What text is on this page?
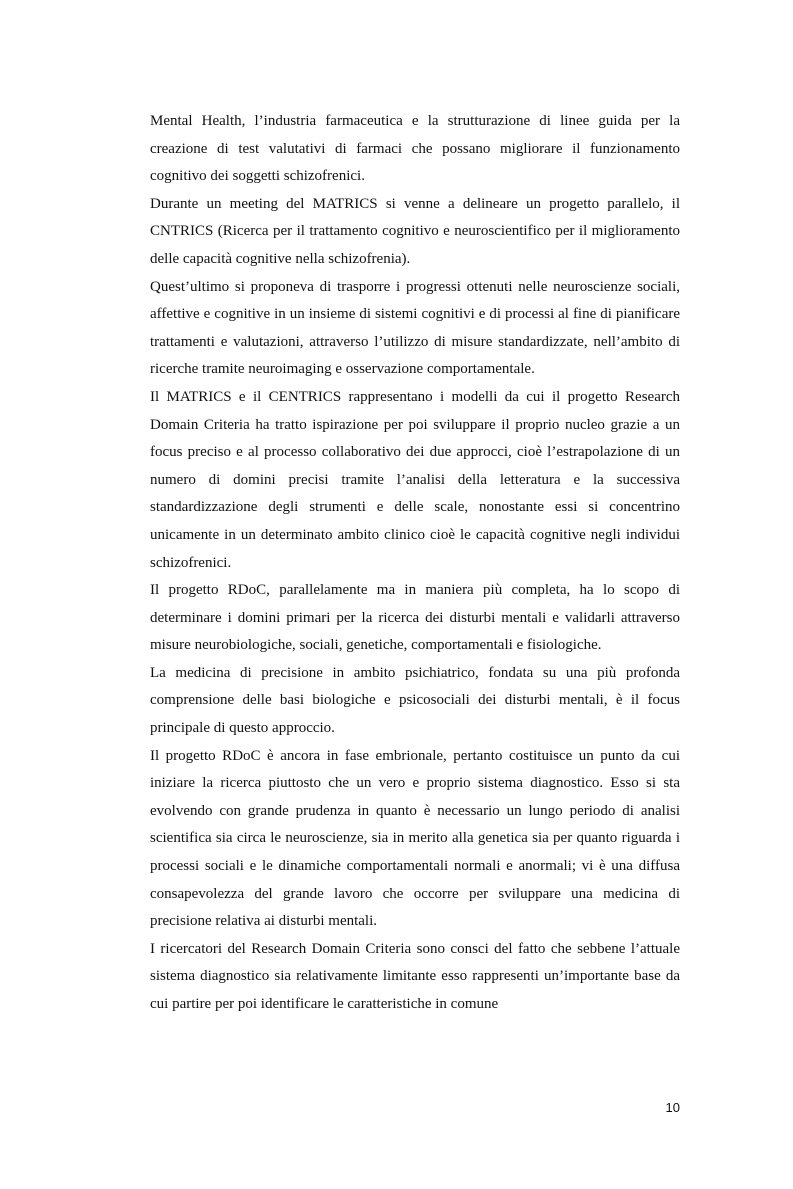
Mental Health, l’industria farmaceutica e la strutturazione di linee guida per la creazione di test valutativi di farmaci che possano migliorare il funzionamento cognitivo dei soggetti schizofrenici.

Durante un meeting del MATRICS si venne a delineare un progetto parallelo, il CNTRICS (Ricerca per il trattamento cognitivo e neuroscientifico per il miglioramento delle capacità cognitive nella schizofrenia).

Quest’ultimo si proponeva di trasporre i progressi ottenuti nelle neuroscienze sociali, affettive e cognitive in un insieme di sistemi cognitivi e di processi al fine di pianificare trattamenti e valutazioni, attraverso l’utilizzo di misure standardizzate, nell’ambito di ricerche tramite neuroimaging e osservazione comportamentale.

Il MATRICS e il CENTRICS rappresentano i modelli da cui il progetto Research Domain Criteria ha tratto ispirazione per poi sviluppare il proprio nucleo grazie a un focus preciso e al processo collaborativo dei due approcci, cioè l’estrapolazione di un numero di domini precisi tramite l’analisi della letteratura e la successiva standardizzazione degli strumenti e delle scale, nonostante essi si concentrino unicamente in un determinato ambito clinico cioè le capacità cognitive negli individui schizofrenici.

Il progetto RDoC, parallelamente ma in maniera più completa, ha lo scopo di determinare i domini primari per la ricerca dei disturbi mentali e validarli attraverso misure neurobiologiche, sociali, genetiche, comportamentali e fisiologiche.

La medicina di precisione in ambito psichiatrico, fondata su una più profonda comprensione delle basi biologiche e psicosociali dei disturbi mentali, è il focus principale di questo approccio.

Il progetto RDoC è ancora in fase embrionale, pertanto costituisce un punto da cui iniziare la ricerca piuttosto che un vero e proprio sistema diagnostico. Esso si sta evolvendo con grande prudenza in quanto è necessario un lungo periodo di analisi scientifica sia circa le neuroscienze, sia in merito alla genetica sia per quanto riguarda i processi sociali e le dinamiche comportamentali normali e anormali; vi è una diffusa consapevolezza del grande lavoro che occorre per sviluppare una medicina di precisione relativa ai disturbi mentali.

I ricercatori del Research Domain Criteria sono consci del fatto che sebbene l’attuale sistema diagnostico sia relativamente limitante esso rappresenti un’importante base da cui partire per poi identificare le caratteristiche in comune

10
